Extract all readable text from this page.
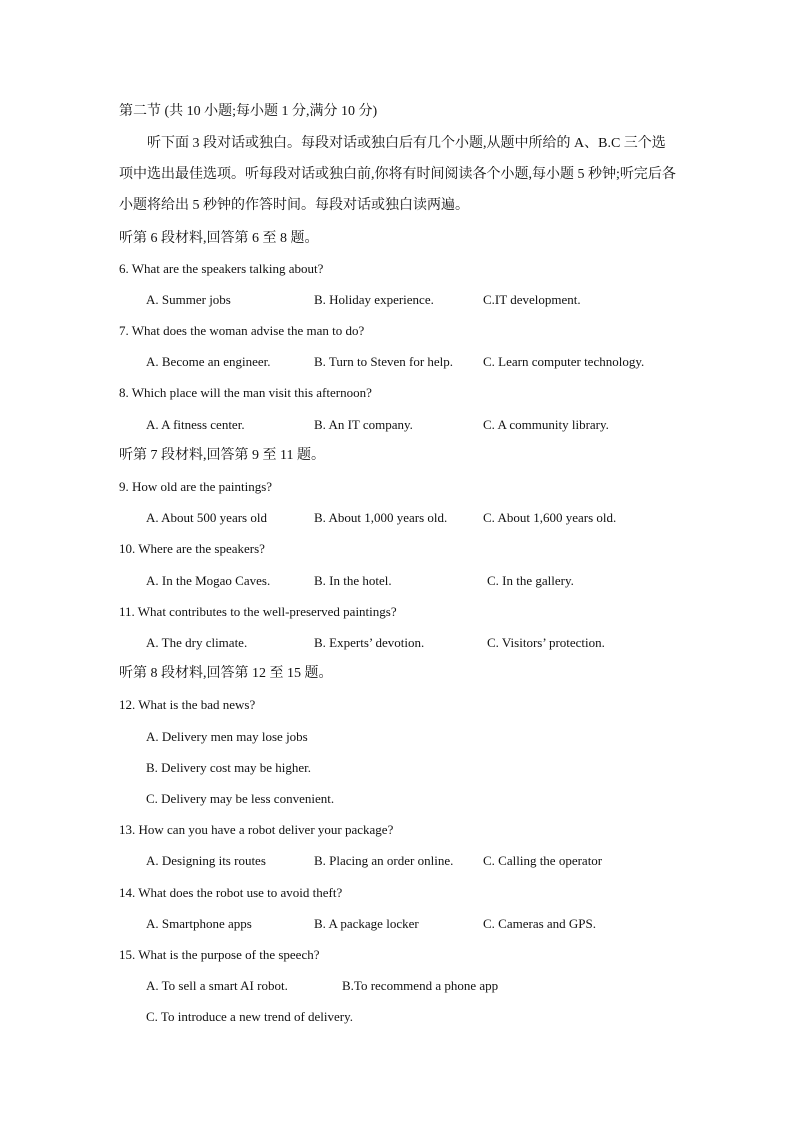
第二节 (共 10 小题;每小题 1 分,满分 10 分)
听下面 3 段对话或独白。每段对话或独白后有几个小题,从题中所给的 A、B.C 三个选项中选出最佳选项。听每段对话或独白前,你将有时间阅读各个小题,每小题 5 秒钟;听完后各小题将给出 5 秒钟的作答时间。每段对话或独白读两遍。
听第 6 段材料,回答第 6 至 8 题。
6. What are the speakers talking about?
A. Summer jobs	B. Holiday experience.	C.IT development.
7. What does the woman advise the man to do?
A. Become an engineer.	B. Turn to Steven for help. C. Learn computer technology.
8. Which place will the man visit this afternoon?
A. A fitness center.	B. An IT company.	C. A community library.
听第 7 段材料,回答第 9 至 11 题。
9. How old are the paintings?
A. About 500 years old	B. About 1,000 years old.	C. About 1,600 years old.
10. Where are the speakers?
A. In the Mogao Caves.	B. In the hotel.	C. In the gallery.
11. What contributes to the well-preserved paintings?
A. The dry climate.	B. Experts’ devotion.	C. Visitors’ protection.
听第 8 段材料,回答第 12 至 15 题。
12. What is the bad news?
A. Delivery men may lose jobs
B. Delivery cost may be higher.
C. Delivery may be less convenient.
13. How can you have a robot deliver your package?
A. Designing its routes	B. Placing an order online. C. Calling the operator
14. What does the robot use to avoid theft?
A. Smartphone apps	B. A package locker	C. Cameras and GPS.
15. What is the purpose of the speech?
A. To sell a smart AI robot.	B.To recommend a phone app
C. To introduce a new trend of delivery.
